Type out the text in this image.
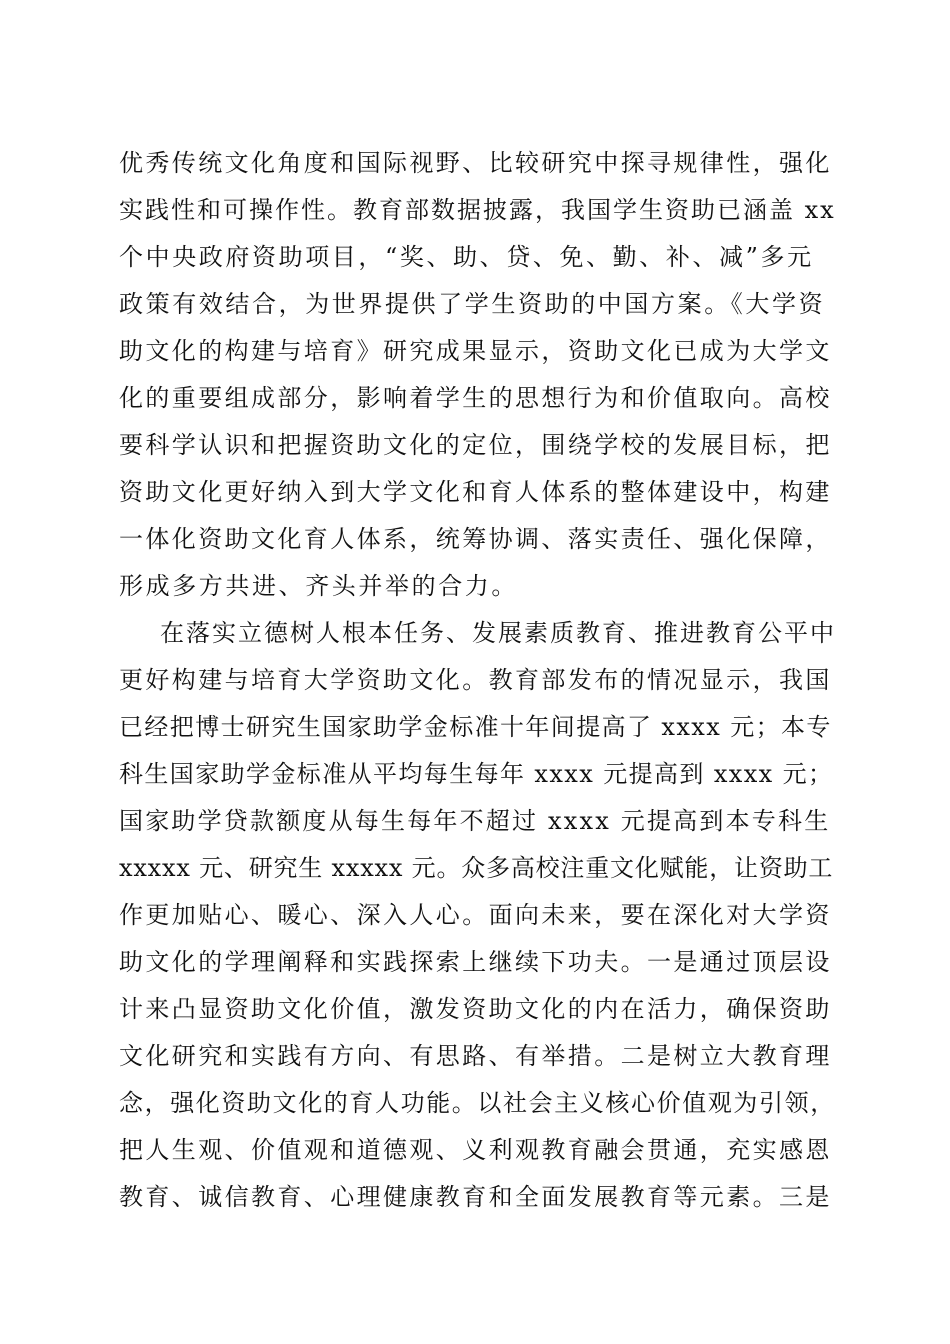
优秀传统文化角度和国际视野、比较研究中探寻规律性，强化
实践性和可操作性。教育部数据披露，我国学生资助已涵盖 xx
个中央政府资助项目，“奖、助、贷、免、勤、补、减”多元
政策有效结合，为世界提供了学生资助的中国方案。《大学资
助文化的构建与培育》研究成果显示，资助文化已成为大学文
化的重要组成部分，影响着学生的思想行为和价值取向。高校
要科学认识和把握资助文化的定位，围绕学校的发展目标，把
资助文化更好纳入到大学文化和育人体系的整体建设中，构建
一体化资助文化育人体系，统筹协调、落实责任、强化保障，
形成多方共进、齐头并举的合力。
在落实立德树人根本任务、发展素质教育、推进教育公平中
更好构建与培育大学资助文化。教育部发布的情况显示，我国
已经把博士研究生国家助学金标准十年间提高了 xxxx 元；本专
科生国家助学金标准从平均每生每年 xxxx 元提高到 xxxx 元；
国家助学贷款额度从每生每年不超过 xxxx 元提高到本专科生
xxxxx 元、研究生 xxxxx 元。众多高校注重文化赋能，让资助工
作更加贴心、暖心、深入人心。面向未来，要在深化对大学资
助文化的学理阐释和实践探索上继续下功夫。一是通过顶层设
计来凸显资助文化价值，激发资助文化的内在活力，确保资助
文化研究和实践有方向、有思路、有举措。二是树立大教育理
念，强化资助文化的育人功能。以社会主义核心价值观为引领，
把人生观、价值观和道德观、义利观教育融会贯通，充实感恩
教育、诚信教育、心理健康教育和全面发展教育等元素。三是
